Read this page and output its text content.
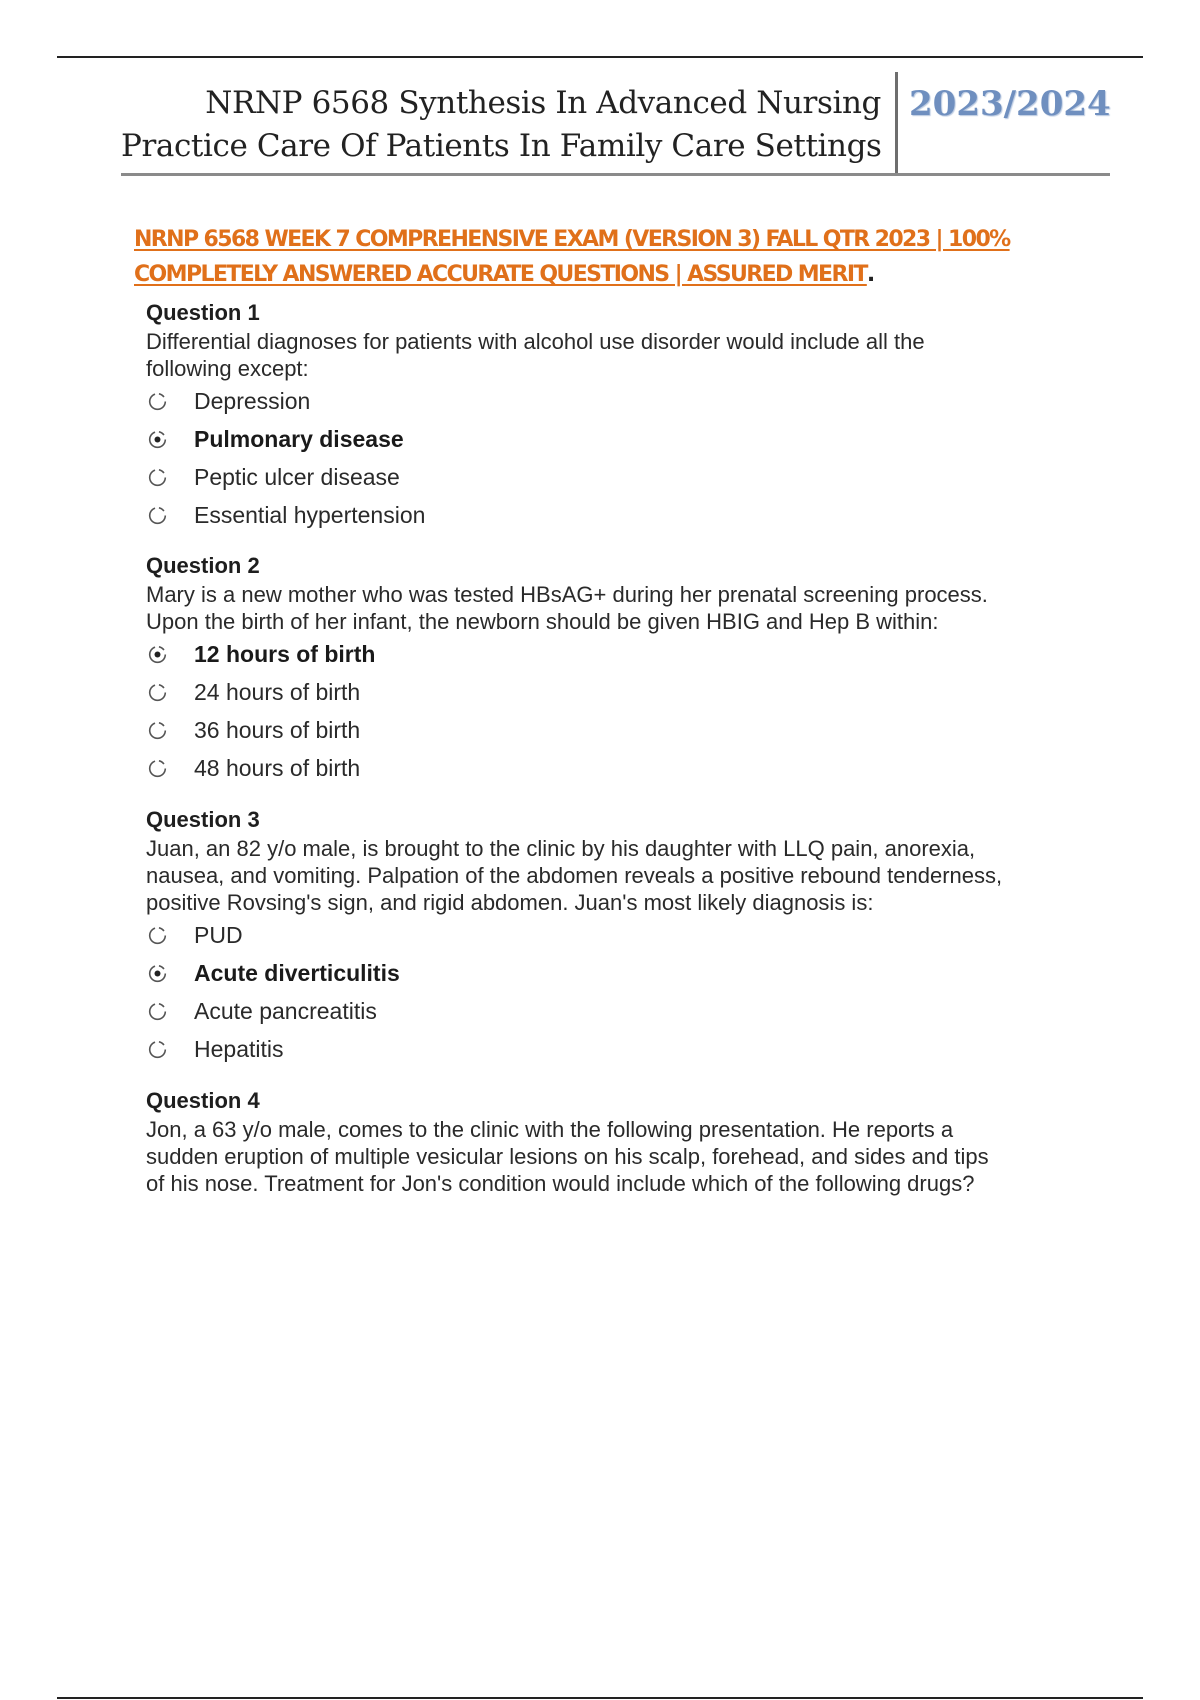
NRNP 6568 Synthesis In Advanced Nursing
Practice Care Of Patients In Family Care Settings
2023/2024
NRNP 6568 WEEK 7 COMPREHENSIVE EXAM (VERSION 3) FALL QTR 2023 | 100%
COMPLETELY ANSWERED ACCURATE QUESTIONS | ASSURED MERIT.

Question 1

Differential diagnoses for patients with alcohol use disorder would include all the
following except:

Depression
Pulmonary disease
Peptic ulcer disease
Essential hypertension

Question 2

Mary is a new mother who was tested HBsAG+ during her prenatal screening process.
Upon the birth of her infant, the newborn should be given HBIG and Hep B within:

12 hours of birth
24 hours of birth
36 hours of birth
48 hours of birth

Question 3

Juan, an 82 y/o male, is brought to the clinic by his daughter with LLQ pain, anorexia,
nausea, and vomiting. Palpation of the abdomen reveals a positive rebound tenderness,
positive Rovsing's sign, and rigid abdomen. Juan's most likely diagnosis is:

PUD
Acute diverticulitis
Acute pancreatitis
Hepatitis

Question 4

Jon, a 63 y/o male, comes to the clinic with the following presentation. He reports a
sudden eruption of multiple vesicular lesions on his scalp, forehead, and sides and tips
of his nose. Treatment for Jon's condition would include which of the following drugs?
